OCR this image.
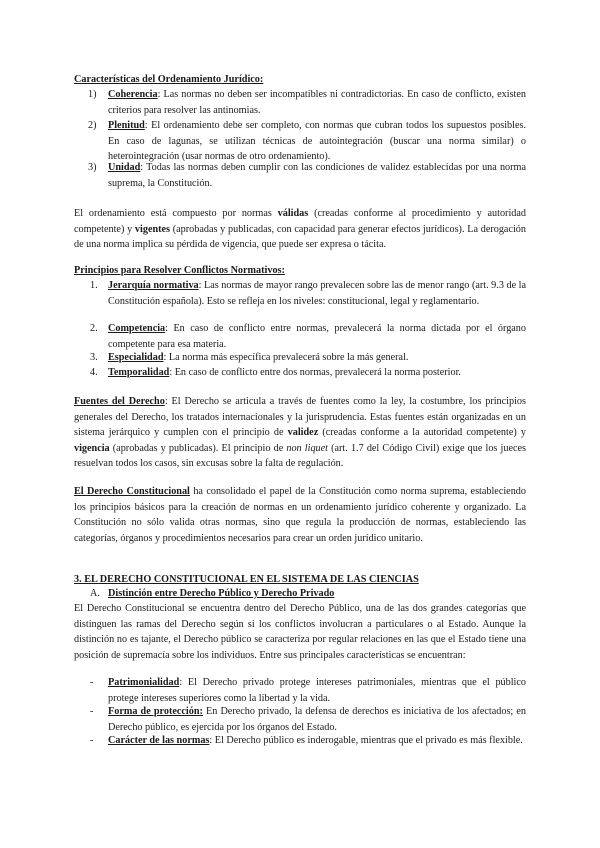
Características del Ordenamiento Jurídico:
1) Coherencia: Las normas no deben ser incompatibles ni contradictorias. En caso de conflicto, existen criterios para resolver las antinomias.
2) Plenitud: El ordenamiento debe ser completo, con normas que cubran todos los supuestos posibles. En caso de lagunas, se utilizan técnicas de autointegración (buscar una norma similar) o heterointegración (usar normas de otro ordenamiento).
3) Unidad: Todas las normas deben cumplir con las condiciones de validez establecidas por una norma suprema, la Constitución.
El ordenamiento está compuesto por normas válidas (creadas conforme al procedimiento y autoridad competente) y vigentes (aprobadas y publicadas, con capacidad para generar efectos jurídicos). La derogación de una norma implica su pérdida de vigencia, que puede ser expresa o tácita.
Principios para Resolver Conflictos Normativos:
1. Jerarquía normativa: Las normas de mayor rango prevalecen sobre las de menor rango (art. 9.3 de la Constitución española). Esto se refleja en los niveles: constitucional, legal y reglamentario.
2. Competencia: En caso de conflicto entre normas, prevalecerá la norma dictada por el órgano competente para esa materia.
3. Especialidad: La norma más específica prevalecerá sobre la más general.
4. Temporalidad: En caso de conflicto entre dos normas, prevalecerá la norma posterior.
Fuentes del Derecho: El Derecho se articula a través de fuentes como la ley, la costumbre, los principios generales del Derecho, los tratados internacionales y la jurisprudencia. Estas fuentes están organizadas en un sistema jerárquico y cumplen con el principio de validez (creadas conforme a la autoridad competente) y vigencia (aprobadas y publicadas). El principio de non liquet (art. 1.7 del Código Civil) exige que los jueces resuelvan todos los casos, sin excusas sobre la falta de regulación.
El Derecho Constitucional ha consolidado el papel de la Constitución como norma suprema, estableciendo los principios básicos para la creación de normas en un ordenamiento jurídico coherente y organizado. La Constitución no sólo valida otras normas, sino que regula la producción de normas, estableciendo las categorías, órganos y procedimientos necesarios para crear un orden jurídico unitario.
3. EL DERECHO CONSTITUCIONAL EN EL SISTEMA DE LAS CIENCIAS
A. Distinción entre Derecho Público y Derecho Privado
El Derecho Constitucional se encuentra dentro del Derecho Público, una de las dos grandes categorías que distinguen las ramas del Derecho según si los conflictos involucran a particulares o al Estado. Aunque la distinción no es tajante, el Derecho público se caracteriza por regular relaciones en las que el Estado tiene una posición de supremacía sobre los individuos. Entre sus principales características se encuentran:
- Patrimonialidad: El Derecho privado protege intereses patrimoniales, mientras que el público protege intereses superiores como la libertad y la vida.
- Forma de protección: En Derecho privado, la defensa de derechos es iniciativa de los afectados; en Derecho público, es ejercida por los órganos del Estado.
- Carácter de las normas: El Derecho público es inderogable, mientras que el privado es más flexible.
